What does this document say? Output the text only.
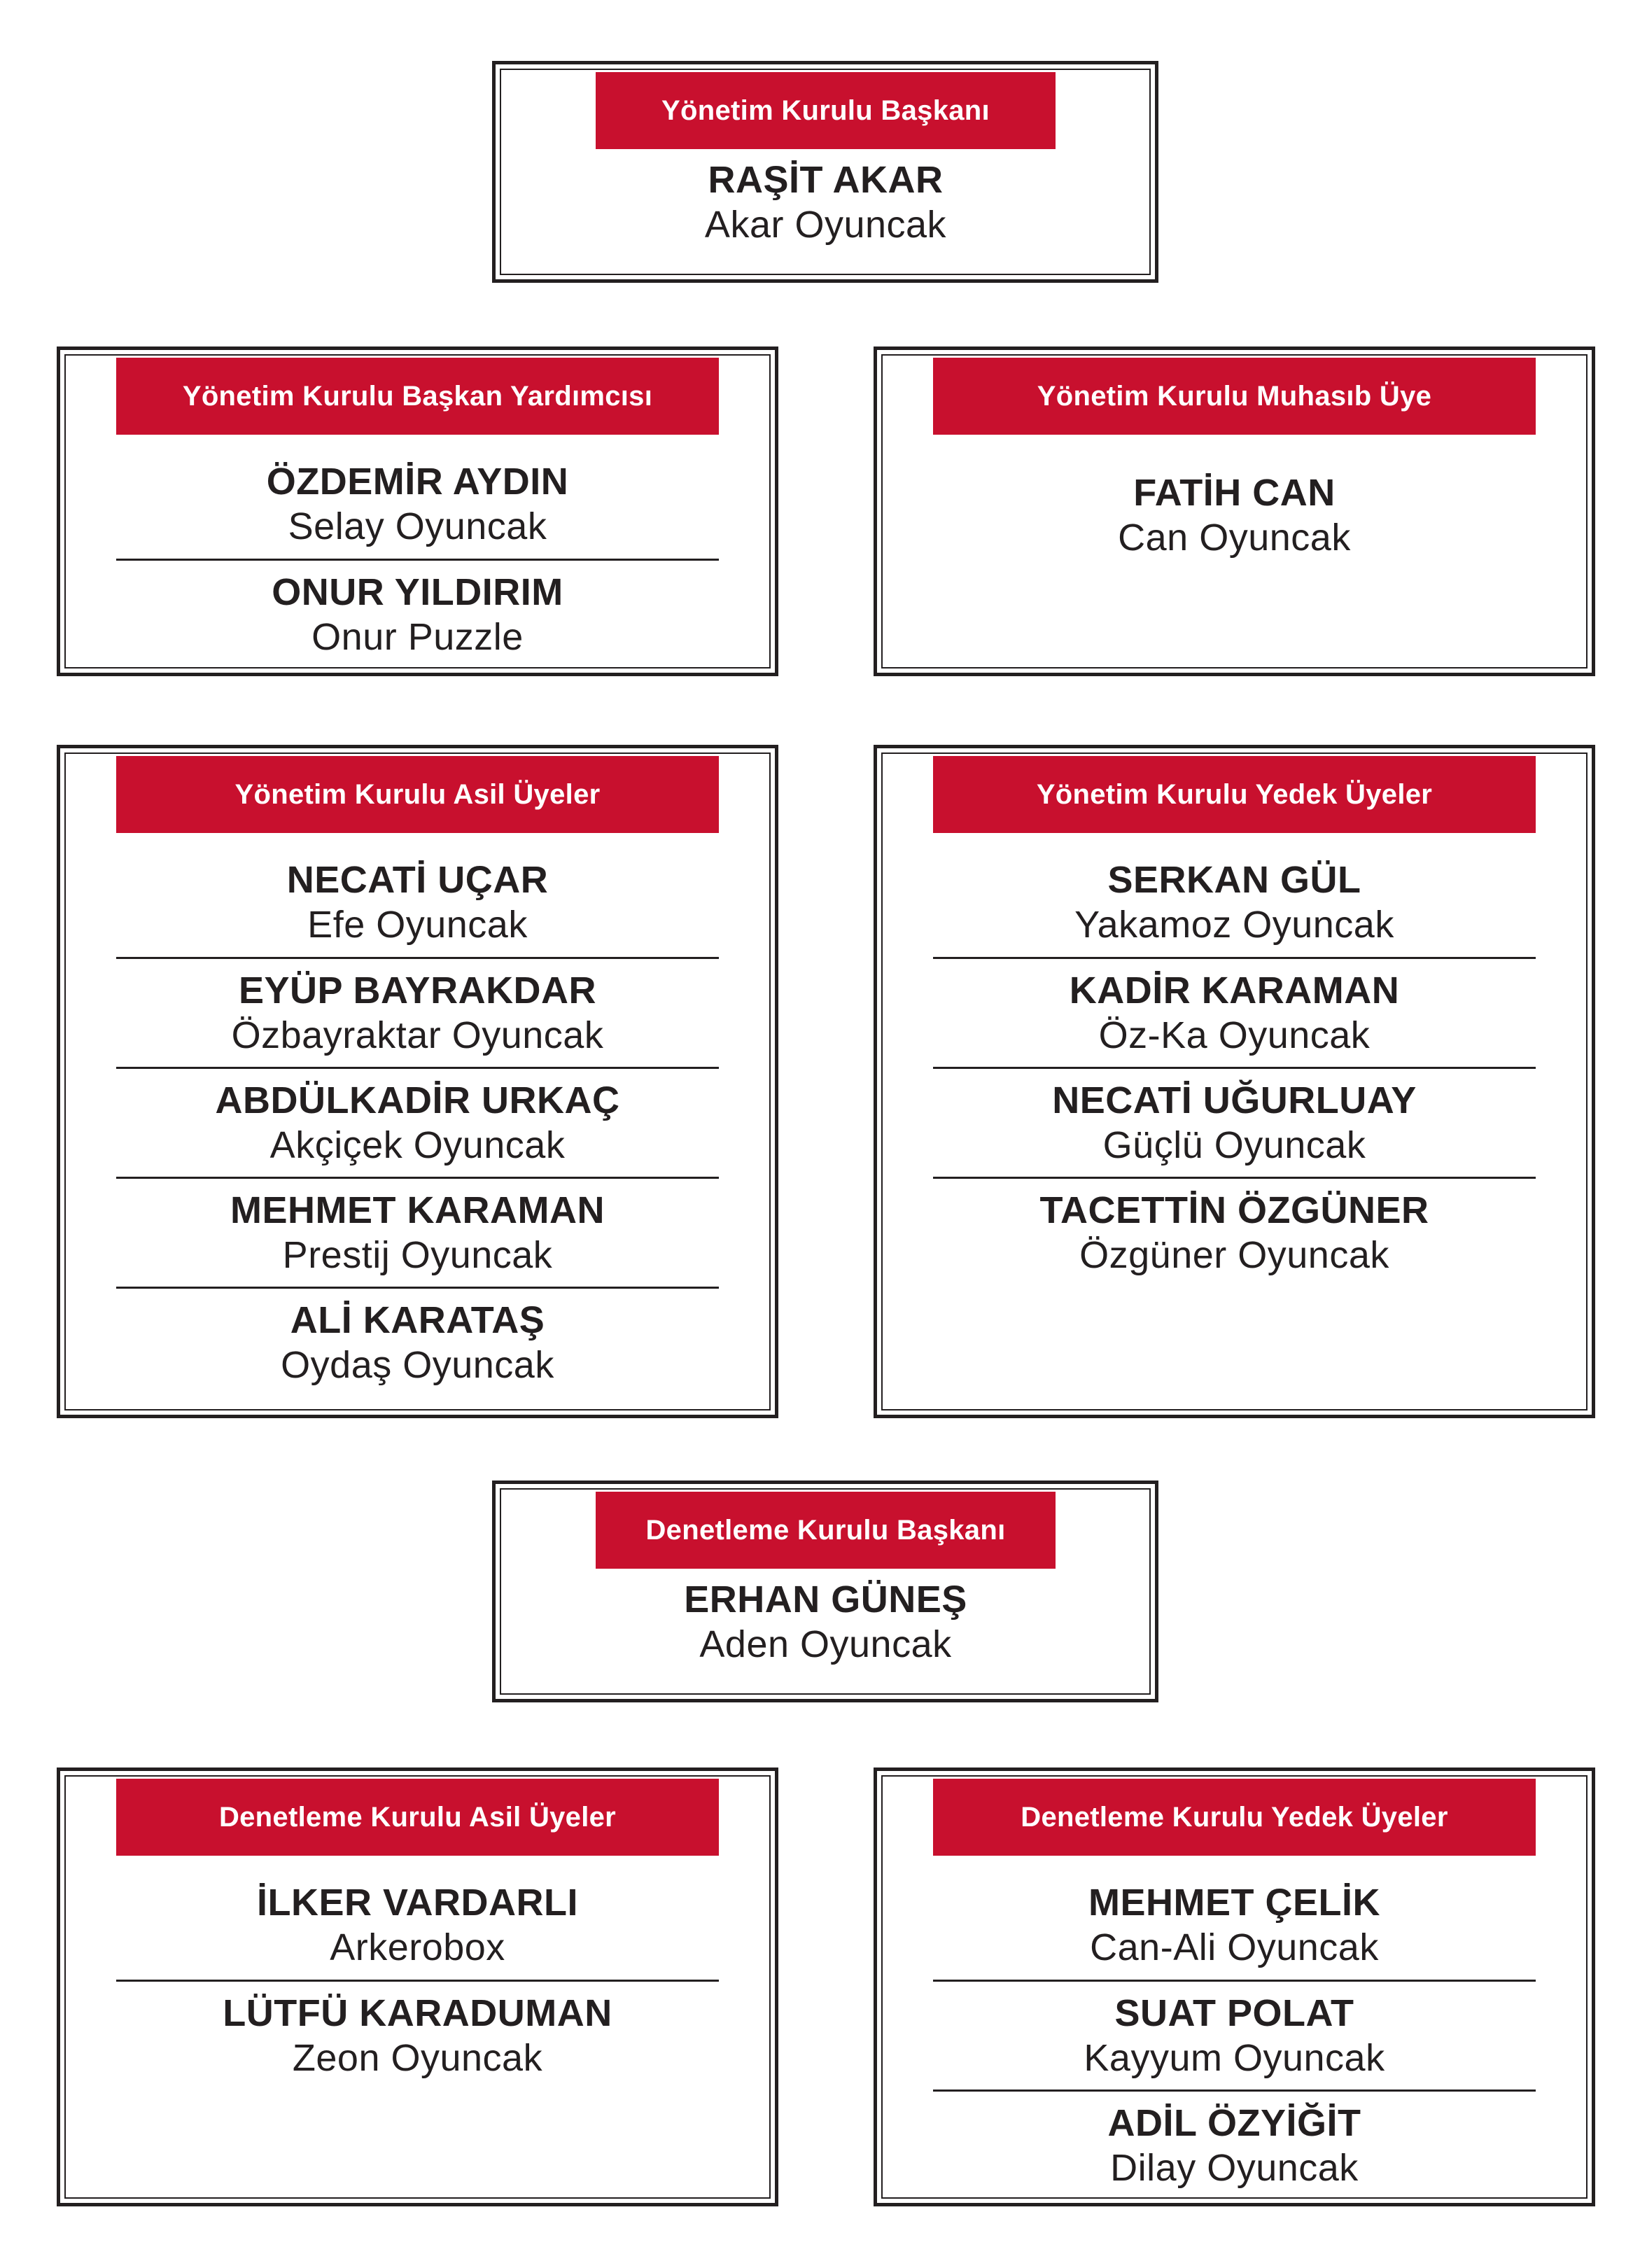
Yönetim Kurulu Başkanı
RAŞİT AKAR
Akar Oyuncak
Yönetim Kurulu Başkan Yardımcısı
ÖZDEMİR AYDIN
Selay Oyuncak
ONUR YILDIRIM
Onur Puzzle
Yönetim Kurulu Muhasıb Üye
FATİH CAN
Can Oyuncak
Yönetim Kurulu Asil Üyeler
NECATİ UÇAR
Efe Oyuncak
EYÜP BAYRAKDAR
Özbayraktar Oyuncak
ABDÜLKADİR URKAÇ
Akçiçek Oyuncak
MEHMET KARAMAN
Prestij Oyuncak
ALİ KARATAŞ
Oydaş Oyuncak
Yönetim Kurulu Yedek Üyeler
SERKAN GÜL
Yakamoz Oyuncak
KADİR KARAMAN
Öz-Ka Oyuncak
NECATİ UĞURLUAY
Güçlü Oyuncak
TACETTİN ÖZGÜNER
Özgüner Oyuncak
Denetleme Kurulu Başkanı
ERHAN GÜNEŞ
Aden Oyuncak
Denetleme Kurulu Asil Üyeler
İLKER VARDARLI
Arkerobox
LÜTFÜ KARADUMAN
Zeon Oyuncak
Denetleme Kurulu Yedek Üyeler
MEHMET ÇELİK
Can-Ali Oyuncak
SUAT POLAT
Kayyum Oyuncak
ADİL ÖZYİĞİT
Dilay Oyuncak
